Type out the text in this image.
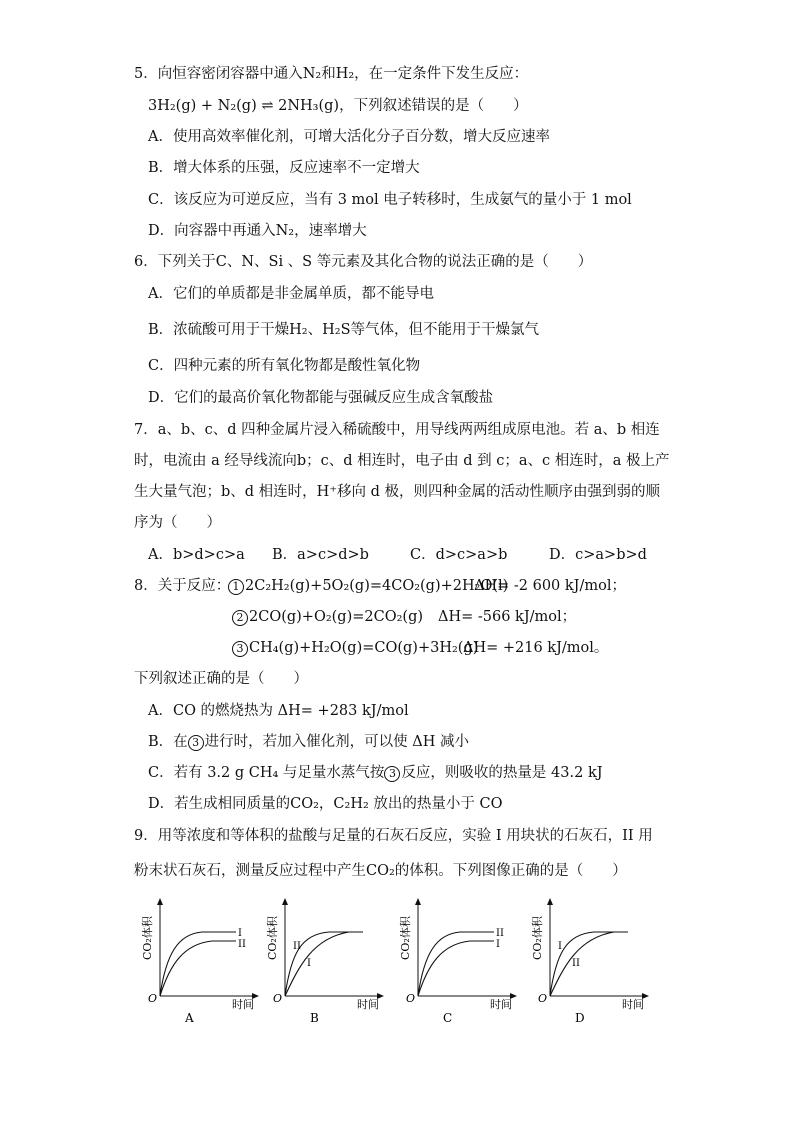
5．向恒容密闭容器中通入N₂和H₂，在一定条件下发生反应：
3H₂(g) + N₂(g) ⇌ 2NH₃(g)，下列叙述错误的是（　　）
A．使用高效率催化剂，可增大活化分子百分数，增大反应速率
B．增大体系的压强，反应速率不一定增大
C．该反应为可逆反应，当有 3 mol 电子转移时，生成氨气的量小于 1 mol
D．向容器中再通入N₂，速率增大
6．下列关于C、N、Si 、S 等元素及其化合物的说法正确的是（　　）
A．它们的单质都是非金属单质，都不能导电
B．浓硫酸可用于干燥H₂、H₂S等气体，但不能用于干燥氯气
C．四种元素的所有氧化物都是酸性氧化物
D．它们的最高价氧化物都能与强碱反应生成含氧酸盐
7．a、b、c、d 四种金属片浸入稀硫酸中，用导线两两组成原电池。若 a、b 相连
时，电流由 a 经导线流向b；c、d 相连时，电子由 d 到 c；a、c 相连时，a 极上产
生大量气泡；b、d 相连时，H⁺移向 d 极，则四种金属的活动性顺序由强到弱的顺
序为（　　）
A．b>d>c>a B．a>c>d>b	C．d>c>a>b	D．c>a>b>d
8．关于反应： 1 2C₂H₂(g)+5O₂(g)=4CO₂(g)+2H₂O(l)
ΔH= -2 600 kJ/mol；
2 2CO(g)+O₂(g)=2CO₂(g) ΔH= -566 kJ/mol；
3 CH₄(g)+H₂O(g)=CO(g)+3H₂(g)
ΔH= +216 kJ/mol。
下列叙述正确的是（　　）
A．CO 的燃烧热为 ΔH= +283 kJ/mol
B．在 3 进行时，若加入催化剂，可以使 ΔH 减小
C．若有 3.2 g CH₄ 与足量水蒸气按 3 反应，则吸收的热量是 43.2 kJ
D．若生成相同质量的CO₂，C₂H₂ 放出的热量小于 CO
9．用等浓度和等体积的盐酸与足量的石灰石反应，实验 I 用块状的石灰石，II 用
粉末状石灰石，测量反应过程中产生CO₂的体积。下列图像正确的是（　　）
I
II
O	时间
CO₂体积
A
II
I
O	时间
CO₂体积
B
II
I
O	时间
CO₂体积
C
I
II
O	时间
CO₂体积
D
